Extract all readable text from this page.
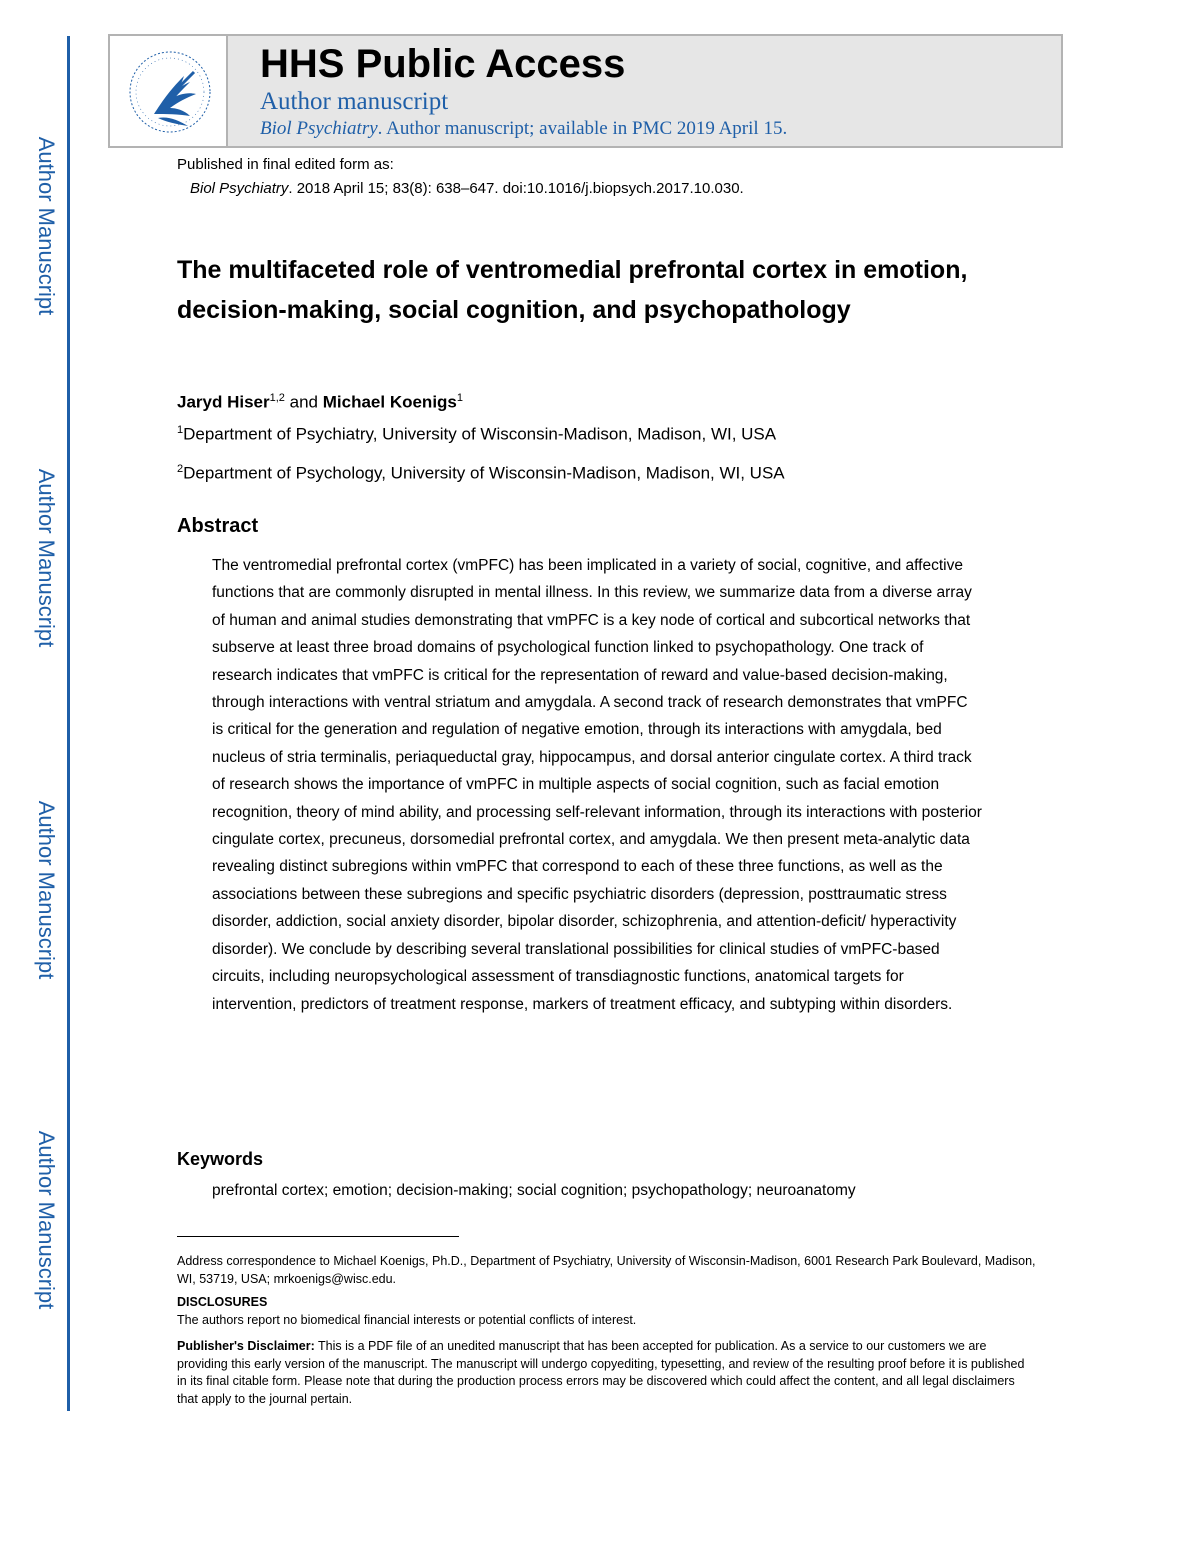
Author Manuscript
Author Manuscript
Author Manuscript
Author Manuscript
HHS Public Access
Author manuscript
Biol Psychiatry. Author manuscript; available in PMC 2019 April 15.
Published in final edited form as:
Biol Psychiatry. 2018 April 15; 83(8): 638–647. doi:10.1016/j.biopsych.2017.10.030.
The multifaceted role of ventromedial prefrontal cortex in emotion, decision-making, social cognition, and psychopathology
Jaryd Hiser$^{1,2}$ and Michael Koenigs$^1$
$^1$Department of Psychiatry, University of Wisconsin-Madison, Madison, WI, USA
$^2$Department of Psychology, University of Wisconsin-Madison, Madison, WI, USA
Abstract

The ventromedial prefrontal cortex (vmPFC) has been implicated in a variety of social, cognitive, and affective functions that are commonly disrupted in mental illness. In this review, we summarize data from a diverse array of human and animal studies demonstrating that vmPFC is a key node of cortical and subcortical networks that subserve at least three broad domains of psychological function linked to psychopathology. One track of research indicates that vmPFC is critical for the representation of reward and value-based decision-making, through interactions with ventral striatum and amygdala. A second track of research demonstrates that vmPFC is critical for the generation and regulation of negative emotion, through its interactions with amygdala, bed nucleus of stria terminalis, periaqueductal gray, hippocampus, and dorsal anterior cingulate cortex. A third track of research shows the importance of vmPFC in multiple aspects of social cognition, such as facial emotion recognition, theory of mind ability, and processing self-relevant information, through its interactions with posterior cingulate cortex, precuneus, dorsomedial prefrontal cortex, and amygdala. We then present meta-analytic data revealing distinct subregions within vmPFC that correspond to each of these three functions, as well as the associations between these subregions and specific psychiatric disorders (depression, posttraumatic stress disorder, addiction, social anxiety disorder, bipolar disorder, schizophrenia, and attention-deficit/ hyperactivity disorder). We conclude by describing several translational possibilities for clinical studies of vmPFC-based circuits, including neuropsychological assessment of transdiagnostic functions, anatomical targets for intervention, predictors of treatment response, markers of treatment efficacy, and subtyping within disorders.

Keywords

prefrontal cortex; emotion; decision-making; social cognition; psychopathology; neuroanatomy

Address correspondence to Michael Koenigs, Ph.D., Department of Psychiatry, University of Wisconsin-Madison, 6001 Research Park Boulevard, Madison, WI, 53719, USA; mrkoenigs@wisc.edu.

DISCLOSURES

The authors report no biomedical financial interests or potential conflicts of interest.

Publisher's Disclaimer: This is a PDF file of an unedited manuscript that has been accepted for publication. As a service to our customers we are providing this early version of the manuscript. The manuscript will undergo copyediting, typesetting, and review of the resulting proof before it is published in its final citable form. Please note that during the production process errors may be discovered which could affect the content, and all legal disclaimers that apply to the journal pertain.
